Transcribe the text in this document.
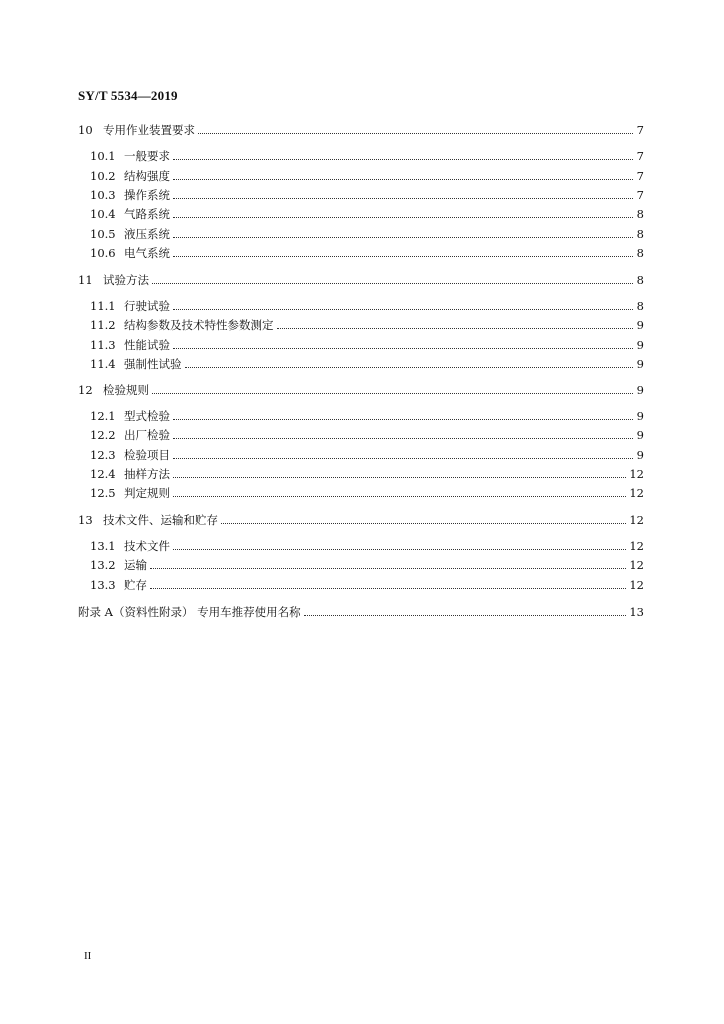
SY/T 5534—2019
10 专用作业装置要求	7
10.1 一般要求	7
10.2 结构强度	7
10.3 操作系统	7
10.4 气路系统	8
10.5 液压系统	8
10.6 电气系统	8
11 试验方法	8
11.1 行驶试验	8
11.2 结构参数及技术特性参数测定	9
11.3 性能试验	9
11.4 强制性试验	9
12 检验规则	9
12.1 型式检验	9
12.2 出厂检验	9
12.3 检验项目	9
12.4 抽样方法	12
12.5 判定规则	12
13 技术文件、运输和贮存	12
13.1 技术文件	12
13.2 运输	12
13.3 贮存	12
附录 A（资料性附录） 专用车推荐使用名称	13
II
